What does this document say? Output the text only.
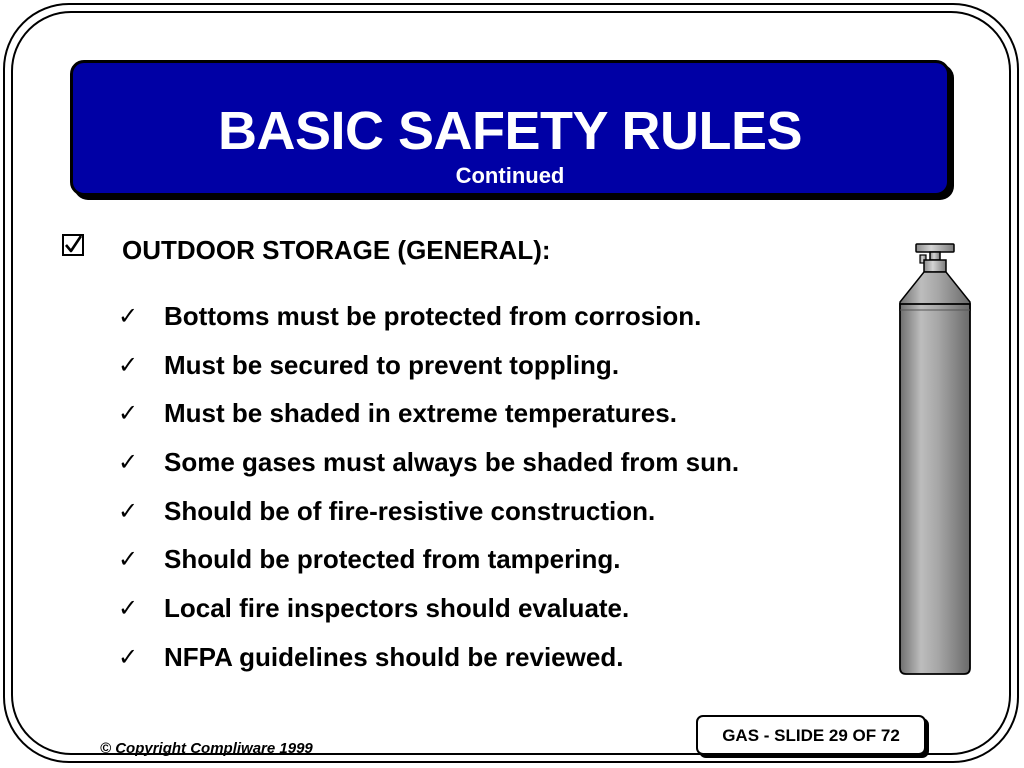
BASIC SAFETY RULES
Continued
OUTDOOR STORAGE (GENERAL):
✓ Bottoms must be protected from corrosion.
✓ Must be secured to prevent toppling.
✓ Must be shaded in extreme temperatures.
✓ Some gases must always be shaded from sun.
✓ Should be of fire-resistive construction.
✓ Should be protected from tampering.
✓ Local fire inspectors should evaluate.
✓ NFPA guidelines should be reviewed.
GAS - SLIDE 29 OF 72
© Copyright Compliware 1999
